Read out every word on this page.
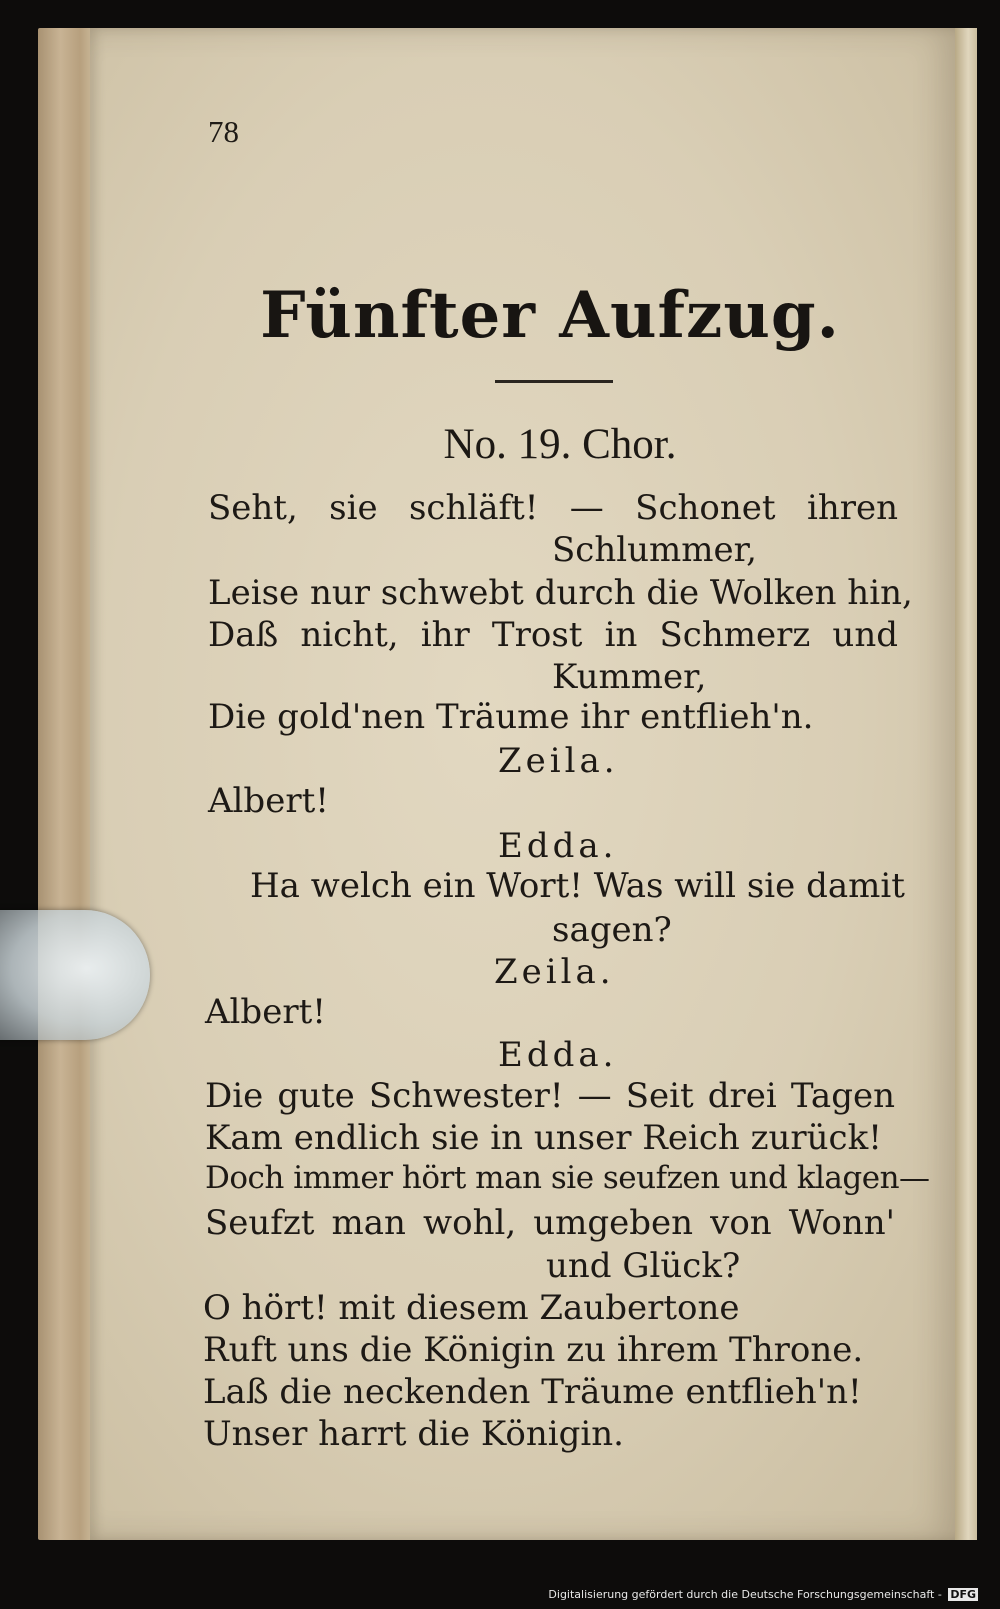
78
Fünfter Aufzug.
No. 19. Chor.
Seht, sie schläft! — Schonet ihren
Schlummer,
Leise nur schwebt durch die Wolken hin,
Daß nicht, ihr Trost in Schmerz und
Kummer,
Die gold'nen Träume ihr entflieh'n.
Zeila.
Albert!
Edda.
Ha welch ein Wort! Was will sie damit
sagen?
Zeila.
Albert!
Edda.
Die gute Schwester! — Seit drei Tagen
Kam endlich sie in unser Reich zurück!
Doch immer hört man sie seufzen und klagen—
Seufzt man wohl, umgeben von Wonn'
und Glück?
O hört! mit diesem Zaubertone
Ruft uns die Königin zu ihrem Throne.
Laß die neckenden Träume entflieh'n!
Unser harrt die Königin.
Digitalisierung gefördert durch die Deutsche Forschungsgemeinschaft - DFG
